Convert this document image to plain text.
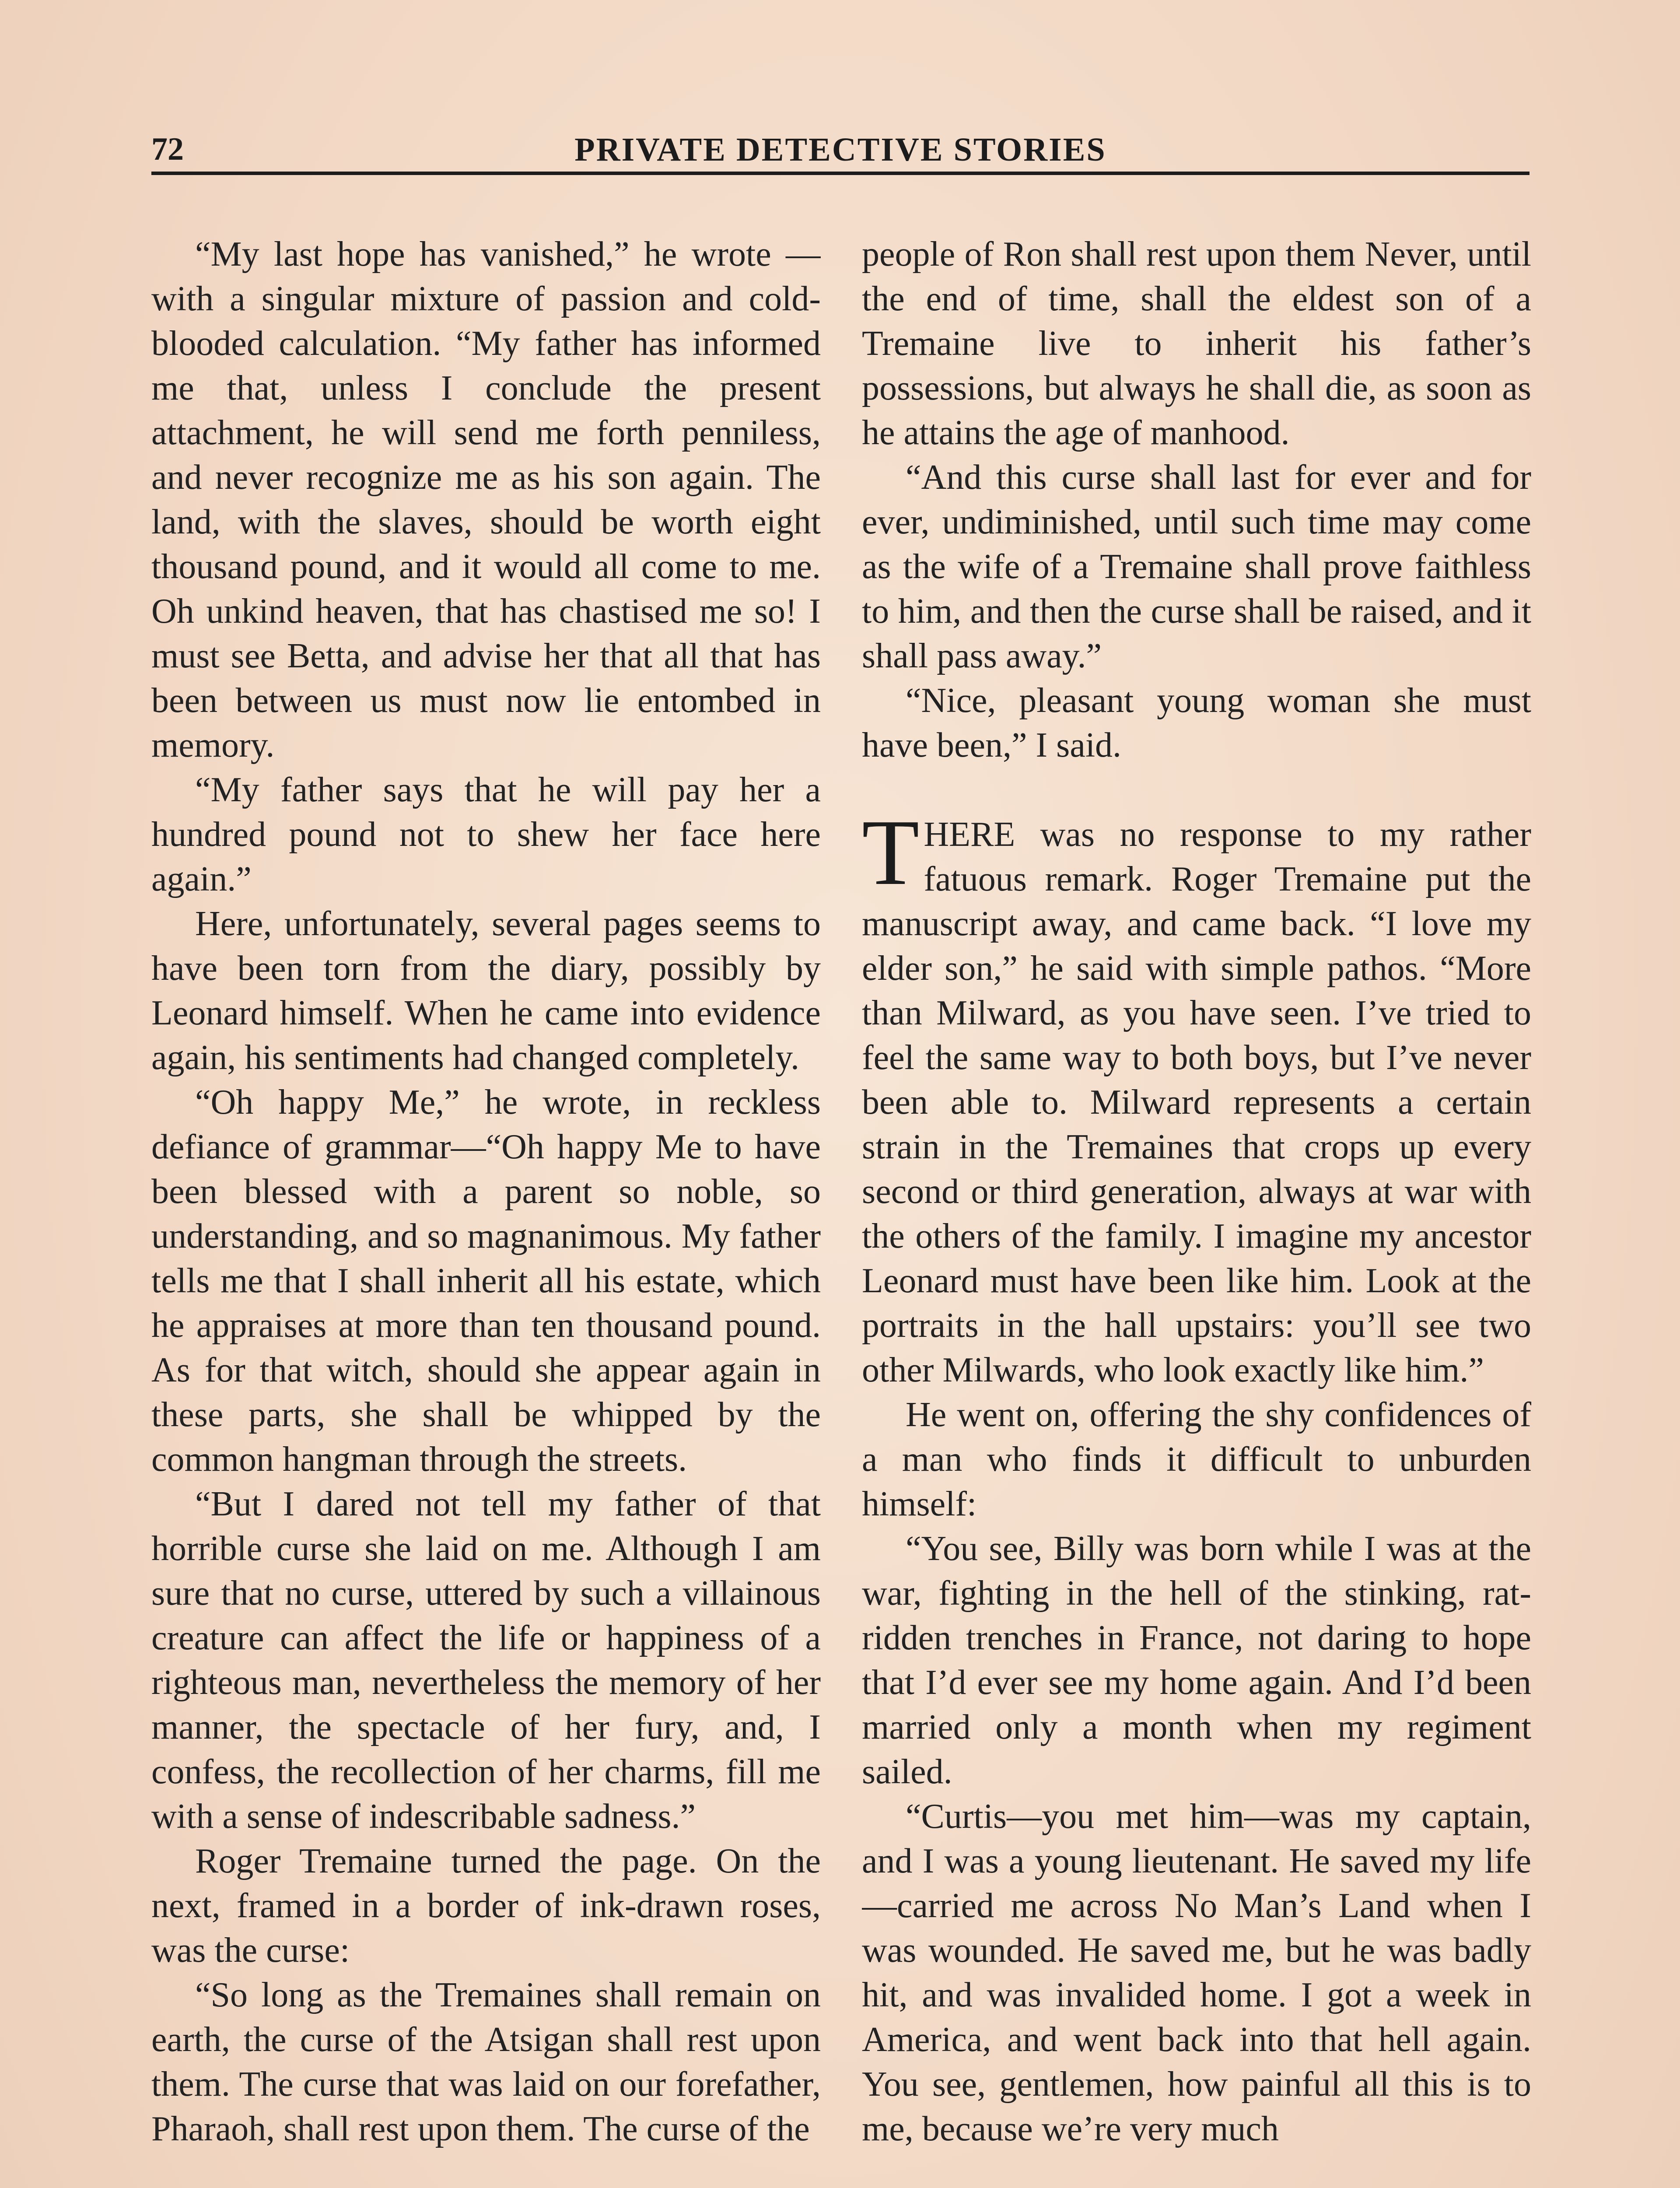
72	PRIVATE DETECTIVE STORIES

“My last hope has vanished,” he wrote — with a singular mixture of passion and cold-blooded calculation. “My father has informed me that, unless I conclude the present attachment, he will send me forth penniless, and never recognize me as his son again. The land, with the slaves, should be worth eight thousand pound, and it would all come to me. Oh unkind heaven, that has chastised me so! I must see Betta, and advise her that all that has been between us must now lie entombed in memory.

“My father says that he will pay her a hundred pound not to shew her face here again.”

Here, unfortunately, several pages seems to have been torn from the diary, possibly by Leonard himself. When he came into evidence again, his sentiments had changed completely.

“Oh happy Me,” he wrote, in reckless defiance of grammar—“Oh happy Me to have been blessed with a parent so noble, so understanding, and so magnanimous. My father tells me that I shall inherit all his estate, which he appraises at more than ten thousand pound. As for that witch, should she appear again in these parts, she shall be whipped by the common hangman through the streets.

“But I dared not tell my father of that horrible curse she laid on me. Although I am sure that no curse, uttered by such a villainous creature can affect the life or happiness of a righteous man, nevertheless the memory of her manner, the spectacle of her fury, and, I confess, the recollection of her charms, fill me with a sense of indescribable sadness.”

Roger Tremaine turned the page. On the next, framed in a border of ink-drawn roses, was the curse:

“So long as the Tremaines shall remain on earth, the curse of the Atsigan shall rest upon them. The curse that was laid on our forefather, Pharaoh, shall rest upon them. The curse of the

people of Ron shall rest upon them Never, until the end of time, shall the eldest son of a Tremaine live to inherit his father’s possessions, but always he shall die, as soon as he attains the age of manhood.

“And this curse shall last for ever and for ever, undiminished, until such time may come as the wife of a Tremaine shall prove faithless to him, and then the curse shall be raised, and it shall pass away.”

“Nice, pleasant young woman she must have been,” I said.

THERE was no response to my rather fatuous remark. Roger Tremaine put the manuscript away, and came back. “I love my elder son,” he said with simple pathos. “More than Milward, as you have seen. I’ve tried to feel the same way to both boys, but I’ve never been able to. Milward represents a certain strain in the Tremaines that crops up every second or third generation, always at war with the others of the family. I imagine my ancestor Leonard must have been like him. Look at the portraits in the hall upstairs: you’ll see two other Milwards, who look exactly like him.”

He went on, offering the shy confidences of a man who finds it difficult to unburden himself:

“You see, Billy was born while I was at the war, fighting in the hell of the stinking, rat-ridden trenches in France, not daring to hope that I’d ever see my home again. And I’d been married only a month when my regiment sailed.

“Curtis—you met him—was my captain, and I was a young lieutenant. He saved my life—carried me across No Man’s Land when I was wounded. He saved me, but he was badly hit, and was invalided home. I got a week in America, and went back into that hell again. You see, gentlemen, how painful all this is to me, because we’re very much
